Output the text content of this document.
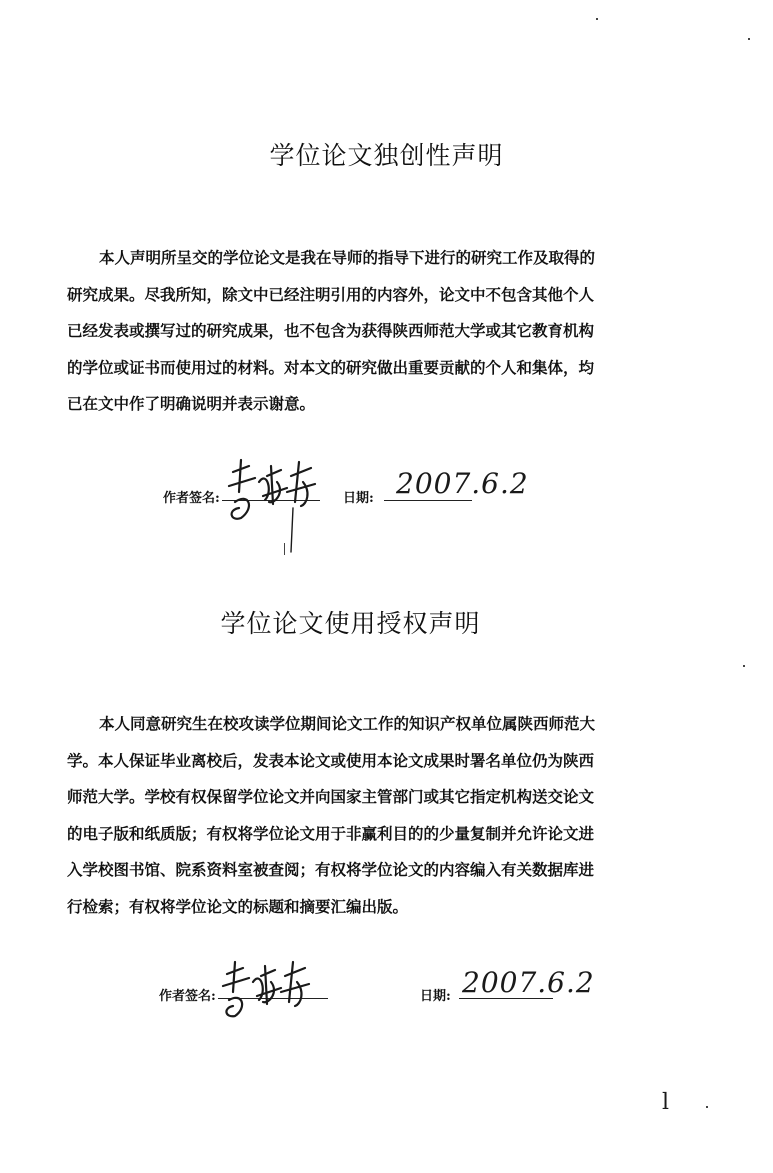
学位论文独创性声明
本人声明所呈交的学位论文是我在导师的指导下进行的研究工作及取得的
研究成果。尽我所知，除文中已经注明引用的内容外，论文中不包含其他个人
已经发表或撰写过的研究成果，也不包含为获得陕西师范大学或其它教育机构
的学位或证书而使用过的材料。对本文的研究做出重要贡献的个人和集体，均
已在文中作了明确说明并表示谢意。
作者签名:	日期: 2007.6.2
学位论文使用授权声明
本人同意研究生在校攻读学位期间论文工作的知识产权单位属陕西师范大
学。本人保证毕业离校后，发表本论文或使用本论文成果时署名单位仍为陕西
师范大学。学校有权保留学位论文并向国家主管部门或其它指定机构送交论文
的电子版和纸质版；有权将学位论文用于非赢利目的的少量复制并允许论文进
入学校图书馆、院系资料室被查阅；有权将学位论文的内容编入有关数据库进
行检索；有权将学位论文的标题和摘要汇编出版。
作者签名:	日期: 2007.6.2
l
